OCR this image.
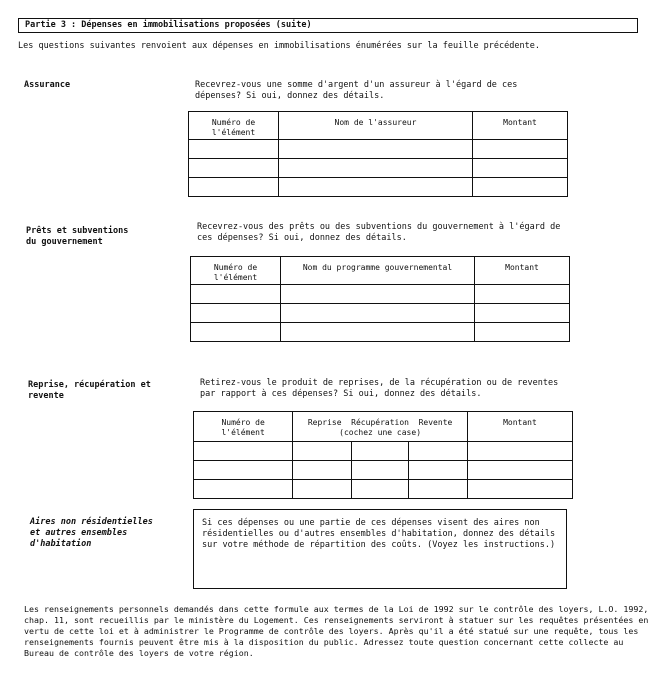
Partie 3 : Dépenses en immobilisations proposées (suite)
Les questions suivantes renvoient aux dépenses en immobilisations énumérées sur la feuille précédente.
Assurance	Recevrez-vous une somme d'argent d'un assureur à l'égard de ces
dépenses? Si oui, donnez des détails.
Numéro de
l'élément	Nom de l'assureur	Montant

Prêts et subventions
du gouvernement
Recevrez-vous des prêts ou des subventions du gouvernement à l'égard de
ces dépenses? Si oui, donnez des détails.
Numéro de
l'élément	Nom du programme gouvernemental	Montant

Reprise, récupération et
revente
Retirez-vous le produit de reprises, de la récupération ou de reventes
par rapport à ces dépenses? Si oui, donnez des détails.
Numéro de
l'élément	Reprise  Récupération  Revente
(cochez une case)			Montant

Aires non résidentielles
et autres ensembles
d'habitation
Si ces dépenses ou une partie de ces dépenses visent des aires non
résidentielles ou d'autres ensembles d'habitation, donnez des détails
sur votre méthode de répartition des coûts. (Voyez les instructions.)
Les renseignements personnels demandés dans cette formule aux termes de la Loi de 1992 sur le contrôle des loyers, L.O. 1992,
chap. 11, sont recueillis par le ministère du Logement. Ces renseignements serviront à statuer sur les requêtes présentées en
vertu de cette loi et à administrer le Programme de contrôle des loyers. Après qu'il a été statué sur une requête, tous les
renseignements fournis peuvent être mis à la disposition du public. Adressez toute question concernant cette collecte au
Bureau de contrôle des loyers de votre région.
